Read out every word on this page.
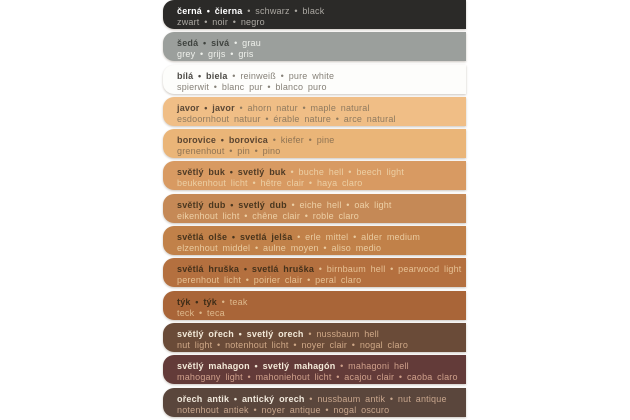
černá • čierna • schwarz • black
zwart • noir • negro
šedá • sivá • grau
grey • grijs • gris
bílá • biela • reinweiß • pure white
spierwit • blanc pur • blanco puro
javor • javor • ahorn natur • maple natural
esdoornhout natuur • érable nature • arce natural
borovice • borovica • kiefer • pine
grenenhout • pin • pino
světlý buk • svetlý buk • buche hell • beech light
beukenhout licht • hêtre clair • haya claro
světlý dub • svetlý dub • eiche hell • oak light
eikenhout licht • chêne clair • roble claro
světlá olše • svetlá jelša • erle mittel • alder medium
elzenhout middel • aulne moyen • aliso medio
světlá hruška • svetlá hruška • birnbaum hell • pearwood light
perenhout licht • poirier clair • peral claro
týk • týk • teak
teck • teca
světlý ořech • svetlý orech • nussbaum hell
nut light • notenhout licht • noyer clair • nogal claro
světlý mahagon • svetlý mahagón • mahagoni hell
mahogany light • mahoniehout licht • acajou clair • caoba claro
ořech antik • antický orech • nussbaum antik • nut antique
notenhout antiek • noyer antique • nogal oscuro
